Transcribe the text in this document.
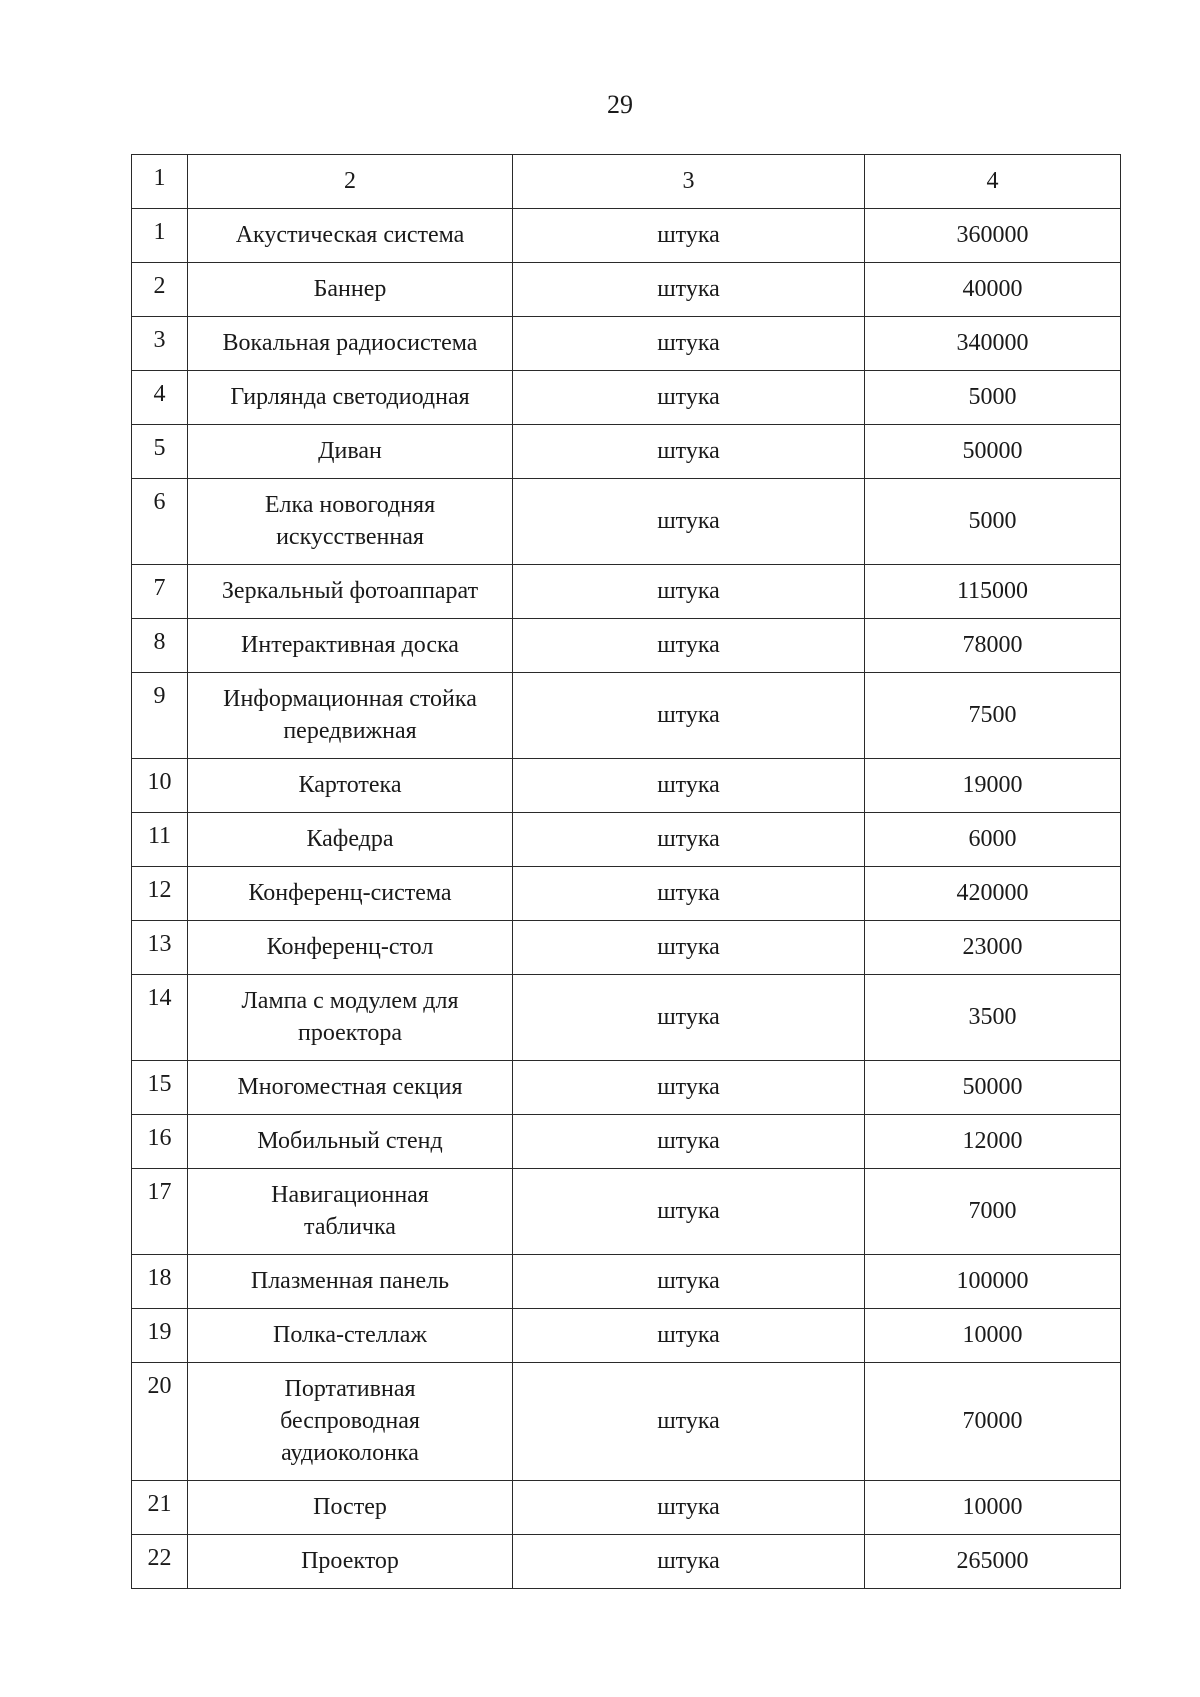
29
1	2	3	4
1	Акустическая система	штука	360000
2	Баннер	штука	40000
3	Вокальная радиосистема	штука	340000
4	Гирлянда светодиодная	штука	5000
5	Диван	штука	50000
6	Елка новогодняя
искусственная	штука	5000
7	Зеркальный фотоаппарат	штука	115000
8	Интерактивная доска	штука	78000
9	Информационная стойка
передвижная	штука	7500
10	Картотека	штука	19000
11	Кафедра	штука	6000
12	Конференц-система	штука	420000
13	Конференц-стол	штука	23000
14	Лампа с модулем для
проектора	штука	3500
15	Многоместная секция	штука	50000
16	Мобильный стенд	штука	12000
17	Навигационная
табличка	штука	7000
18	Плазменная панель	штука	100000
19	Полка-стеллаж	штука	10000
20	Портативная
беспроводная
аудиоколонка	штука	70000
21	Постер	штука	10000
22	Проектор	штука	265000
